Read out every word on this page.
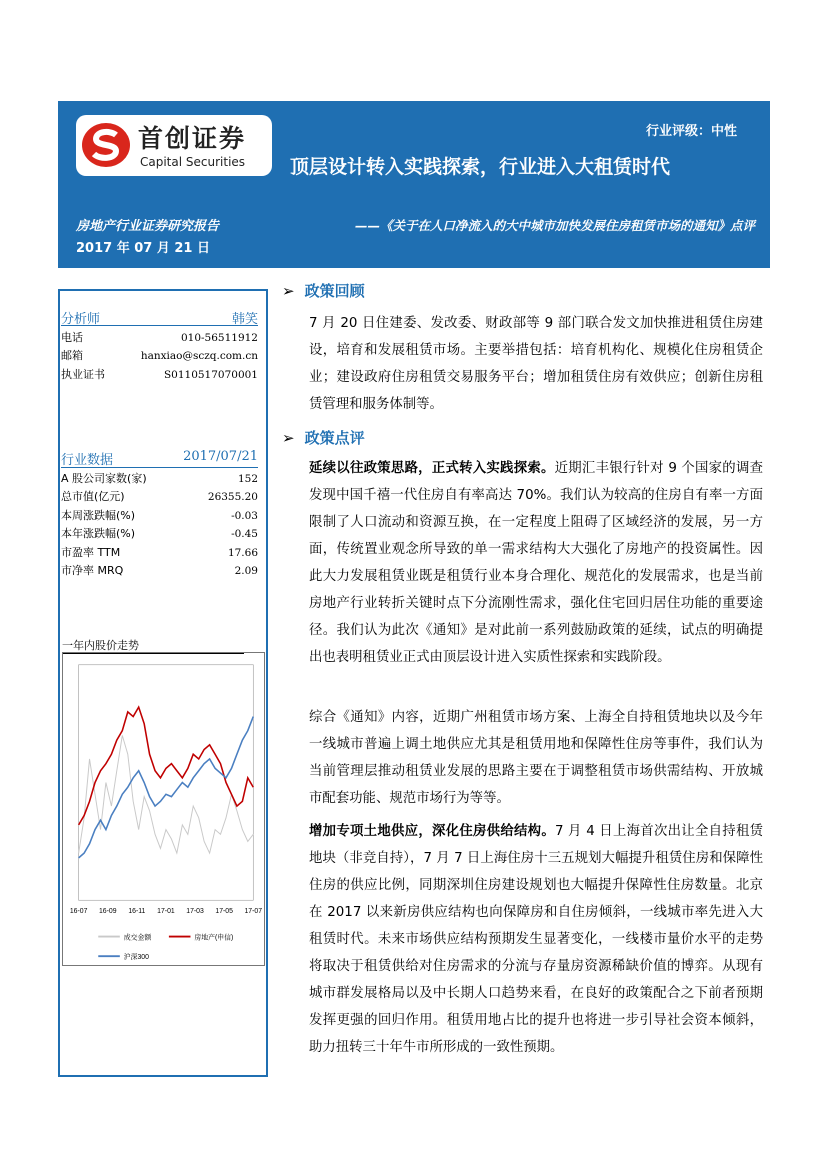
首创证券
Capital Securities
行业评级：中性
顶层设计转入实践探索，行业进入大租赁时代
房地产行业证券研究报告
2017 年 07 月 21 日
——《关于在人口净流入的大中城市加快发展住房租赁市场的通知》点评
分析师	韩笑
电话	010-56511912
邮箱	hanxiao@sczq.com.cn
执业证书	S0110517070001
行业数据	2017/07/21
A 股公司家数(家)	152
总市值(亿元)	26355.20
本周涨跌幅(%)	-0.03
本年涨跌幅(%)	-0.45
市盈率 TTM	17.66
市净率 MRQ	2.09
一年内股价走势
16-07 16-09 16-11 17-01 17-03 17-05 17-07
成交金额	房地产(申信)
沪深300
➢ 政策回顾
7 月 20 日住建委、发改委、财政部等 9 部门联合发文加快推进租赁住房建设，培育和发展租赁市场。主要举措包括：培育机构化、规模化住房租赁企业；建设政府住房租赁交易服务平台；增加租赁住房有效供应；创新住房租赁管理和服务体制等。
➢ 政策点评
延续以往政策思路，正式转入实践探索。近期汇丰银行针对 9 个国家的调查发现中国千禧一代住房自有率高达 70%。我们认为较高的住房自有率一方面限制了人口流动和资源互换，在一定程度上阻碍了区域经济的发展，另一方面，传统置业观念所导致的单一需求结构大大强化了房地产的投资属性。因此大力发展租赁业既是租赁行业本身合理化、规范化的发展需求，也是当前房地产行业转折关键时点下分流刚性需求，强化住宅回归居住功能的重要途径。我们认为此次《通知》是对此前一系列鼓励政策的延续，试点的明确提出也表明租赁业正式由顶层设计进入实质性探索和实践阶段。
综合《通知》内容，近期广州租赁市场方案、上海全自持租赁地块以及今年一线城市普遍上调土地供应尤其是租赁用地和保障性住房等事件，我们认为当前管理层推动租赁业发展的思路主要在于调整租赁市场供需结构、开放城市配套功能、规范市场行为等等。
增加专项土地供应，深化住房供给结构。7 月 4 日上海首次出让全自持租赁地块（非竞自持），7 月 7 日上海住房十三五规划大幅提升租赁住房和保障性住房的供应比例，同期深圳住房建设规划也大幅提升保障性住房数量。北京在 2017 以来新房供应结构也向保障房和自住房倾斜，一线城市率先进入大租赁时代。未来市场供应结构预期发生显著变化，一线楼市量价水平的走势将取决于租赁供给对住房需求的分流与存量房资源稀缺价值的博弈。从现有城市群发展格局以及中长期人口趋势来看，在良好的政策配合之下前者预期发挥更强的回归作用。租赁用地占比的提升也将进一步引导社会资本倾斜，助力扭转三十年牛市所形成的一致性预期。
